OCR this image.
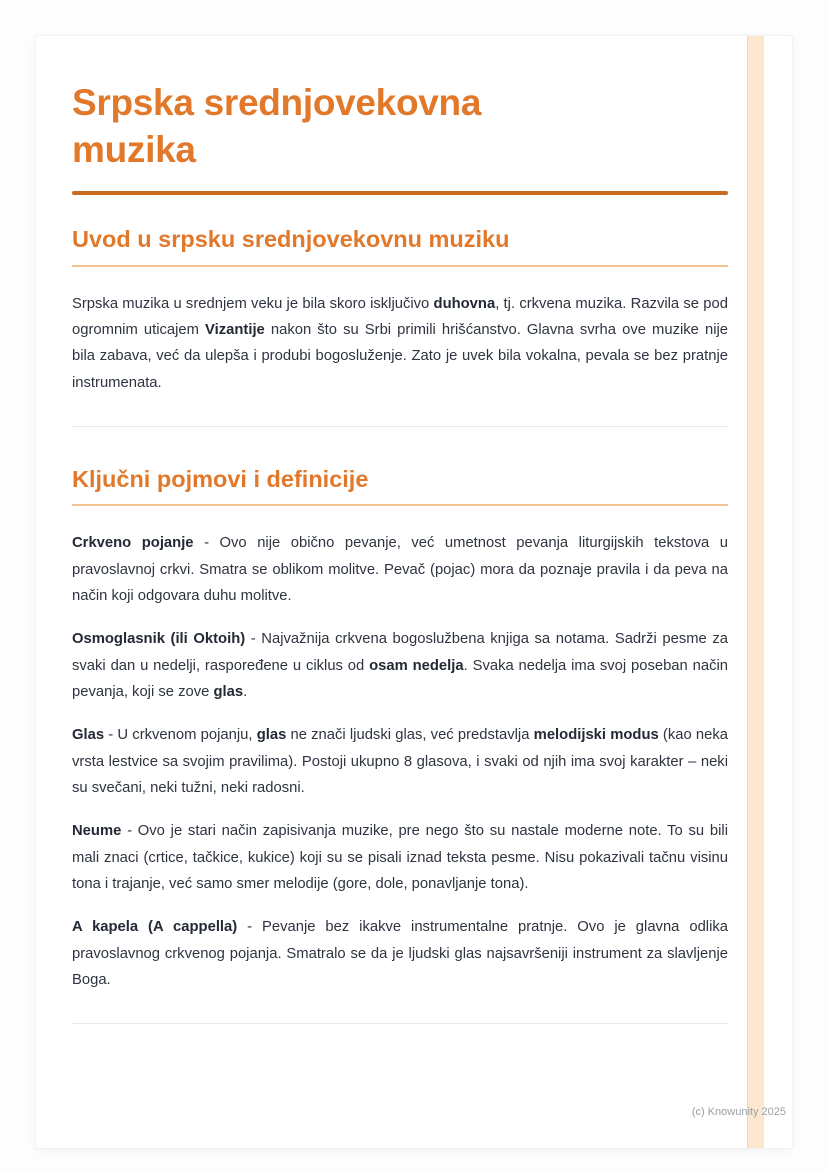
Srpska srednjovekovna muzika
Uvod u srpsku srednjovekovnu muziku

Srpska muzika u srednjem veku je bila skoro isključivo duhovna, tj. crkvena muzika. Razvila se pod ogromnim uticajem Vizantije nakon što su Srbi primili hrišćanstvo. Glavna svrha ove muzike nije bila zabava, već da ulepša i produbi bogosluženje. Zato je uvek bila vokalna, pevala se bez pratnje instrumenata.

Ključni pojmovi i definicije

Crkveno pojanje - Ovo nije obično pevanje, već umetnost pevanja liturgijskih tekstova u pravoslavnoj crkvi. Smatra se oblikom molitve. Pevač (pojac) mora da poznaje pravila i da peva na način koji odgovara duhu molitve.

Osmoglasnik (ili Oktoih) - Najvažnija crkvena bogoslužbena knjiga sa notama. Sadrži pesme za svaki dan u nedelji, raspoređene u ciklus od osam nedelja. Svaka nedelja ima svoj poseban način pevanja, koji se zove glas.

Glas - U crkvenom pojanju, glas ne znači ljudski glas, već predstavlja melodijski modus (kao neka vrsta lestvice sa svojim pravilima). Postoji ukupno 8 glasova, i svaki od njih ima svoj karakter – neki su svečani, neki tužni, neki radosni.

Neume - Ovo je stari način zapisivanja muzike, pre nego što su nastale moderne note. To su bili mali znaci (crtice, tačkice, kukice) koji su se pisali iznad teksta pesme. Nisu pokazivali tačnu visinu tona i trajanje, već samo smer melodije (gore, dole, ponavljanje tona).

A kapela (A cappella) - Pevanje bez ikakve instrumentalne pratnje. Ovo je glavna odlika pravoslavnog crkvenog pojanja. Smatralo se da je ljudski glas najsavršeniji instrument za slavljenje Boga.

(c) Knowunity 2025
